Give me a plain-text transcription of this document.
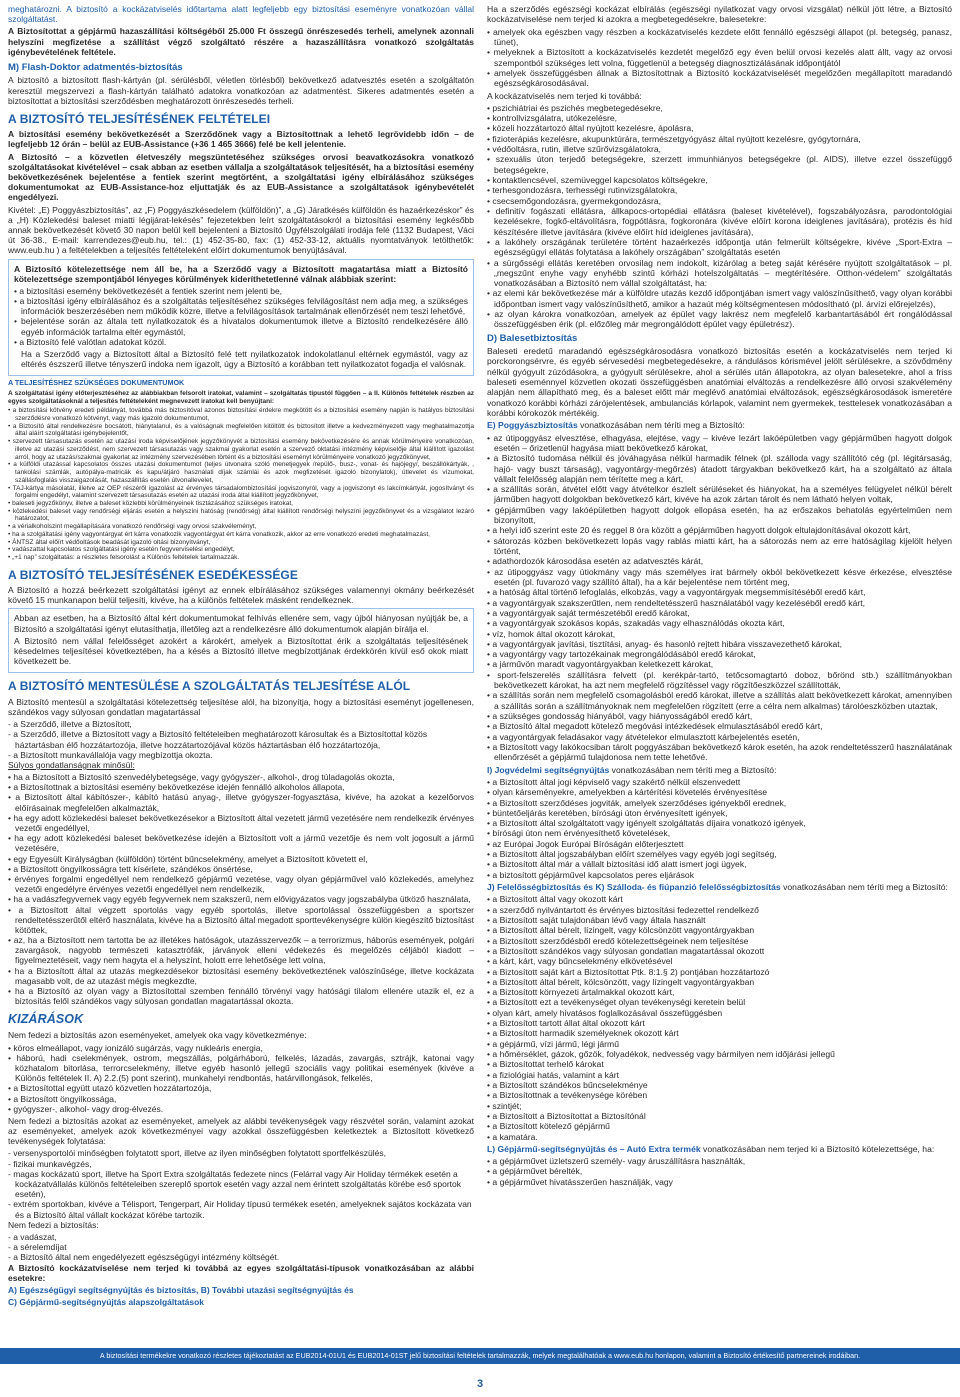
meghatározni. A biztosító a kockázatviselés időtartama alatt legfeljebb egy biztosítási eseményre vonatkozóan vállal szolgáltatást.

A Biztosítottat a gépjármű hazaszállítási költségéből 25.000 Ft összegű önrészesedés terheli, amelynek azonnali helyszíni megfizetése a szállítást végző szolgáltató részére a hazaszállításra vonatkozó szolgáltatás igénybevételének feltétele.

M) Flash-Doktor adatmentés-biztosítás

A biztosító a biztosított flash-kártyán (pl. sérülésből, véletlen törlésből) bekövetkező adatvesztés esetén a szolgáltatón keresztül megszervezi a flash-kártyán található adatokra vonatkozóan az adatmentést. Sikeres adatmentés esetén a biztosítottat a biztosítási szerződésben meghatározott önrészesedés terheli.

A BIZTOSÍTÓ TELJESÍTÉSÉNEK FELTÉTELEI

A biztosítási esemény bekövetkezését a Szerződőnek vagy a Biztosítottnak a lehető legrövidebb időn – de legfeljebb 12 órán – belül az EUB-Assistance (+36 1 465 3666) felé be kell jelentenie.

A Biztosító – a közvetlen életveszély megszüntetéséhez szükséges orvosi beavatkozásokra vonatkozó szolgáltatásokat kivételével – csak abban az esetben vállalja a szolgáltatások teljesítését, ha a biztosítási esemény bekövetkezésének bejelentése a fentiek szerint megtörtént, a szolgáltatási igény elbírálásához szükséges dokumentumokat az EUB-Assistance-hoz eljuttatják és az EUB-Assistance a szolgáltatások igénybevételét engedélyezi.

Kivétel: „E) Poggyászbiztosítás”, az „F) Poggyászkésedelem (külföldön)”, a „G) Járatkésés külföldön és hazaérkezéskor” és a „H) Közlekedési baleset miatti légijárat-lekésés” fejezetekben leírt szolgáltatásokról a biztosítási esemény legkésőbb annak bekövetkezését követő 30 napon belül kell bejelenteni a Biztosító Ügyfélszolgálati irodája felé (1132 Budapest, Váci út 36-38., E-mail: karrendezes@eub.hu, tel.: (1) 452-35-80, fax: (1) 452-33-12, aktuális nyomtatványok letölthetők: www.eub.hu ) a feltételekben a teljesítés feltételeként előírt dokumentumok benyújtásával.

A Biztosító kötelezettsége nem áll be, ha a Szerződő vagy a Biztosított magatartása miatt a Biztosító kötelezettsége szempontjából lényeges körülmények kideríthetetlenné válnak alábbiak szerint:

• a biztosítási esemény bekövetkezését a fentiek szerint nem jelenti be,
• a biztosítási igény elbírálásához és a szolgáltatás teljesítéséhez szükséges felvilágosítást nem adja meg, a szükséges információk beszerzésében nem működik közre, illetve a felvilágosítások tartalmának ellenőrzését nem teszi lehetővé,
• bejelentése során az általa tett nyilatkozatok és a hivatalos dokumentumok illetve a Biztosító rendelkezésére álló egyéb információk tartalma eltér egymástól,
• a Biztosító felé valótlan adatokat közöl.

Ha a Szerződő vagy a Biztosított által a Biztosító felé tett nyilatkozatok indokolatlanul eltérnek egymástól, vagy az eltérés észszerű illetve tényszerű indoka nem igazolt, úgy a Biztosító a korábban tett nyilatkozatot fogadja el valósnak.

A TELJESÍTÉSHEZ SZÜKSÉGES DOKUMENTUMOK

A szolgáltatási igény előterjesztéséhez az alábbiakban felsorolt iratokat, valamint – szolgáltatás típustól függően – a II. Különös feltételek részben az egyes szolgáltatásoknál a teljesítés feltételeként megnevezett iratokat kell benyújtani:

• a biztosítási kötvény eredeti példányát, továbbá más biztosítóval azonos biztosítási érdekre megkötött és a biztosítási esemény napján is hatályos biztosítási szerződésre vonatkozó kötvényt, vagy más igazoló dokumentumot,
• a Biztosító által rendelkezésre bocsátott, hiánytalanul, és a valóságnak megfelelően kitöltött és biztosított illetve a kedvezményezett vagy meghatalmazottja által aláírt szolgáltatási igénybejelentőt,
• szervezett társasutazás esetén az utazási iroda képviselőjének jegyzőkönyvét a biztosítási esemény bekövetkezésére és annak körülményeire vonatkozóan, illetve az utazási szerződést, nem szervezett társasutazás vagy szakmai gyakorlat esetén a szervező oktatási intézmény képviselője által kiállított igazolást arról, hogy az utazás/szakmai gyakorlat az intézmény szervezésében történt és a biztosítási eseményt körülményeire vonatkozó jegyzőkönyvet,
• a külföldi utazással kapcsolatos összes utazási dokumentumot (teljes útvonalra szóló menetjegyek /repülő-, busz-, vonat- és hajójegy/, beszállókártyák, , tankolási számlák, autópálya-matricák és kapu/átjáró használati díjak számlái és azok megfizetését igazoló bizonylatok), útlevelet és vízumokat, szállásfoglalás visszaigazolását, hazaszállítás esetén útvonallevelet,
• TAJ-kártya másolatát, illetve az OEP részéről igazolást az érvényes társadalombiztosítási jogviszonyról, vagy a jogviszonyt és lakcímkártyát, jogosítványt és forgalmi engedélyt, valamint szervezett társasutazás esetén az utazási iroda által kiállított jegyzőkönyvet,
• baleseti jegyzőkönyv, illetve a baleset közlebbi körülményeinek tisztázásához szükséges iratokat,
• közlekedési baleset vagy rendőrségi eljárás esetén a helyszíni hatóság (rendőrség) által kiállított rendőrségi helyszíni jegyzőkönyvet és a vizsgálatot lezáró határozatot,
• a vérialkoholszint megállapítására vonatkozó rendőrségi vagy orvosi szakvéleményt,
• ha a szolgáltatási igény vagyontárgyat ért kárra vonatkozik vagyontárgyat ért kárra vonatkozik, akkor az erre vonatkozó eredeti meghatalmazást,
• ÁNTSZ által előírt védőoltások beadását igazoló oltási bizonyítványt,
• vadászattal kapcsolatos szolgáltatási igény esetén fegyverviselési engedélyt,
• „+1 nap” szolgáltatás: a részletes felsorolást a Különös feltételek tartalmazzák.
A BIZTOSÍTÓ TELJESÍTÉSÉNEK ESEDÉKESSÉGE

A Biztosító a hozzá beérkezett szolgáltatási igényt az ennek elbírálásához szükséges valamennyi okmány beérkezését követő 15 munkanapon belül teljesíti, kivéve, ha a különös feltételek másként rendelkeznek.

Abban az esetben, ha a Biztosító által kért dokumentumokat felhívás ellenére sem, vagy újból hiányosan nyújtják be, a Biztosító a szolgáltatási igényt elutasíthatja, illetőleg azt a rendelkezésre álló dokumentumok alapján bírálja el.

A Biztosító nem vállal felelősséget azokért a károkért, amelyek a Biztosítottat érik a szolgáltatás teljesítésének késedelmes teljesítései következtében, ha a késés a Biztosító illetve megbízottjának érdekkörén kívül eső okok miatt következett be.

A BIZTOSÍTÓ MENTESÜLÉSE A SZOLGÁLTATÁS TELJESÍTÉSE ALÓL

A Biztosító mentesül a szolgáltatási kötelezettség teljesítése alól, ha bizonyítja, hogy a biztosítási eseményt jogellenesen, szándékos vagy súlyosan gondatlan magatartással

- a Szerződő, illetve a Biztosított,
- a Szerződő, illetve a Biztosított vagy a Biztosító feltételeiben meghatározott károsultak és a Biztosítottal közös háztartásban élő hozzátartozója, illetve hozzátartozójával közös háztartásban élő hozzátartozója,
- a Biztosított munkavállalója vagy megbízottja okozta.

Súlyos gondatlanságnak minősül:

• ha a Biztosított a Biztosító szenvedélybetegsége, vagy gyógyszer-, alkohol-, drog túladagolás okozta,
• a Biztosítottnak a biztosítási esemény bekövetkezése idején fennálló alkoholos állapota,
• a Biztosított által kábítószer-, kábító hatású anyag-, illetve gyógyszer-fogyasztása, kivéve, ha azokat a kezelőorvos előírásainak megfelelően alkalmazták,
• ha egy adott közlekedési baleset bekövetkezésekor a Biztosított által vezetett jármű vezetésére nem rendelkezik érvényes vezetői engedéllyel,
• ha egy adott közlekedési baleset bekövetkezése idején a Biztosított volt a jármű vezetője és nem volt jogosult a jármű vezetésére,
• egy Egyesült Királyságban (külföldön) történt bűncselekmény, amelyet a Biztosított követett el,
• a Biztosított öngyilkosságra tett kísérlete, szándékos önsértése,
• érvényes forgalmi engedéllyel nem rendelkező gépjármű vezetése, vagy olyan gépjárművel való közlekedés, amelyhez vezetői engedélyre érvényes vezetői engedéllyel nem rendelkezik,
• ha a vadászfegyvernek vagy egyéb fegyvernek nem szakszerű, nem elővigyázatos vagy jogszabályba ütköző használata,
• a Biztosított által végzett sportolás vagy egyéb sportolás, illetve sportolással összefüggésben a sportszer rendeltetésszerűtől eltérő használata, kivéve ha a Biztosító által megadott sporttevékenységre külön kiegészítő biztosítást kötöttek,
• az, ha a Biztosított nem tartotta be az illetékes hatóságok, utazásszervezők – a terrorizmus, háborús események, polgári zavargások, nagyobb természeti katasztrófák, járványok elleni védekezés és megelőzés céljából kiadott – figyelmeztetéseit, vagy nem hagyta el a helyszínt, holott erre lehetősége lett volna,
• ha a Biztosított által az utazás megkezdésekor biztosítási esemény bekövetkeztének valószínűsége, illetve kockázata magasabb volt, de az utazást mégis megkezdte,
• ha a Biztosító az olyan vagy a Biztosítottal szemben fennálló törvényi vagy hatósági tilalom ellenére utazik el, ez a biztosítás felől szándékos vagy súlyosan gondatlan magatartással okozta.
KIZÁRÁSOK

Nem fedezi a biztosítás azon eseményeket, amelyek oka vagy következménye:

• köros elmeállapot, vagy ionizáló sugárzás, vagy nukleáris energia,
• háború, hadi cselekmények, ostrom, megszállás, polgárháború, felkelés, lázadás, zavargás, sztrájk, katonai vagy közhatalom bitorlása, terrorcselekmény, illetve egyéb hasonló jellegű szociális vagy politikai események (kivéve a Különös feltételek II. A) 2.2.(5) pont szerint), munkahelyi rendbontás, határvillongások, felkelés,
• a Biztosítottal együtt utazó közvetlen hozzátartozója,
• a Biztosított öngyilkossága,
• gyógyszer-, alkohol- vagy drog-élvezés.

Nem fedezi a biztosítás azokat az eseményeket, amelyek az alábbi tevékenységek vagy részvétel során, valamint azokat az eseményeket, amelyek azok következményei vagy azokkal összefüggésben keletkeztek a Biztosított következő tevékenységek folytatása:

- versenysportolói minőségben folytatott sport, illetve az ilyen minőségben folytatott sportfelkészülés,
- fizikai munkavégzés,
- magas kockázatú sport, illetve ha Sport Extra szolgáltatás fedezete nincs (Felárral vagy Air Holiday térmékek esetén a kockázatvállalás különös feltételeiben szereplő sportok esetén vagy azzal nem érintett szolgáltatás körébe eső sportok esetén),
- extrém sportokban, kivéve a Télisport, Tengerpart, Air Holiday típusú termékek esetén, amelyeknek sajátos kockázata van és a Biztosító által vállalt kockázat körébe tartozik.

Nem fedezi a biztosítás:

- a vadászat,
- a sérelemdíjat
- a Biztosító által nem engedélyezett egészségügyi intézmény költségét.

A Biztosító kockázatviselése nem terjed ki továbbá az egyes szolgáltatási-típusok vonatkozásában az alábbi esetekre:

A) Egészségügyi segítségnyújtás és biztosítás, B) További utazási segítségnyújtás és

C) Gépjármű-segítségnyújtás alapszolgáltatások

Ha a szerződés egészségi kockázat elbírálás (egészségi nyilatkozat vagy orvosi vizsgálat) nélkül jött létre, a Biztosító kockázatviselése nem terjed ki azokra a megbetegedésekre, balesetekre:

• amelyek oka egészben vagy részben a kockázatviselés kezdete előtt fennálló egészségi állapot (pl. betegség, panasz, tünet),
• melyeknek a Biztosított a kockázatviselés kezdetét megelőző egy éven belül orvosi kezelés alatt állt, vagy az orvosi szempontból szükséges lett volna, függetlenül a betegség diagnosztizálásának időpontjától
• amelyek összefüggésben állnak a Biztosítottnak a Biztosító kockázatviselését megelőzően megállapított maradandó egészségkárosodásával.

A kockázatviselés nem terjed ki továbbá:

• pszichiátriai és pszichés megbetegedésekre,
• kontrollvizsgálatra, utókezelésre,
• közeli hozzátartozó által nyújtott kezelésre, ápolásra,
• fizioterápiás kezelésre, akupunktúrára, természetgyógyász által nyújtott kezelésre, gyógytornára,
• védőoltásra, rutin, illetve szűrővizsgálatokra,
• szexuális úton terjedő betegségekre, szerzett immunhiányos betegségekre (pl. AIDS), illetve ezzel összefüggő betegségekre,
• kontaktlencsével, szemüveggel kapcsolatos költségekre,
• terhesgondozásra, terhességi rutinvizsgálatokra,
• csecsemőgondozásra, gyermekgondozásra,
• definitív fogászati ellátásra, állkapocs-ortopédiai ellátásra (baleset kivételével), fogszabályozásra, parodontológiai kezelésekre, fogkő-eltávolításra, fogpótlásra, fogkoronára (kivéve előírt korona ideiglenes javítására), protézis és híd készítésére illetve javítására (kivéve előírt híd ideiglenes javítására),
• a lakóhely országának területére történt hazaérkezés időpontja után felmerült költségekre, kivéve „Sport-Extra – egészségügyi ellátás folytatása a lakóhely országában” szolgáltatás esetén
• a sürgősségi ellátás keretében orvosilag nem indokolt, kizárólag a beteg saját kérésére nyújtott szolgáltatások – pl. „megszűnt enyhe vagy enyhébb szintű kórházi hotelszolgáltatás – megtérítésére. Otthon-védelem” szolgáltatás vonatkozásában a Biztosító nem vállal szolgáltatást, ha:
• az elemi kár bekövetkezése már a külföldre utazás kezdő időpontjában ismert vagy valószínűsíthető, vagy olyan korábbi időpontban ismert vagy valószínűsíthető, amikor a hazaút még költségmentesen módosítható (pl. árvízi előrejelzés),
• az olyan károkra vonatkozóan, amelyek az épület vagy lakrész nem megfelelő karbantartásából ért rongálódással összefüggésben érik (pl. előzőleg már megrongálódott épület vagy épületrész).
D) Balesetbiztosítás

Baleseti eredetű maradandó egészségkárosodásra vonatkozó biztosítás esetén a kockázatviselés nem terjed ki porckorongsérvre, és egyéb sérvesedési megbetegedésekre, a rándulásos kórismével jelölt sérülésekre, a szövődmény nélkül gyógyult zúzódásokra, a gyógyult sérülésekre, ahol a sérülés után állapotokra, az olyan balesetekre, ahol a friss baleseti eseménnyel közvetlen okozati összefüggésben anatómiai elváltozás a rendelkezésre álló orvosi szakvélemény alapján nem állapítható meg, és a baleset előtt már meglévő anatómiai elváltozások, egészségkárosodások ismeretére vonatkozó korábbi kórházi zárójelentések, ambulanciás kórlapok, valamint nem gyermekek, testtelesek vonatkozásában a korábbi kórokozók mértékéig.

E) Poggyászbiztosítás vonatkozásában nem téríti meg a Biztosító:

• az útipoggyász elvesztése, elhagyása, elejtése, vagy – kivéve lezárt lakóépületben vagy gépjárműben hagyott dolgok esetén – őrizetlenül hagyása miatt bekövetkező károkat,
• a Biztosító tudomása nélkül és jóváhagyása nélkül harmadik félnek (pl. szálloda vagy szállítótó cég (pl. légitársaság, hajó- vagy buszt társaság), vagyontárgy-megőrzés) átadott tárgyakban bekövetkező kárt, ha a szolgáltató az általa vállalt felelősség alapján nem térítette meg a kárt,
• a szállítás során, átvétel előtt vagy átvételkor észlelt sérüléseket és hiányokat, ha a személyes felügyelet nélkül bérelt járműben hagyott dolgokban bekövetkező kárt, kivéve ha azok zártan tárolt és nem látható helyen voltak,
• gépjárműben vagy lakóépületben hagyott dolgok ellopása esetén, ha az erőszakos behatolás egyértelműen nem bizonyított,
• a helyi idő szerint este 20 és reggel 8 óra között a gépjárműben hagyott dolgok eltulajdonításával okozott kárt,
• sátorozás közben bekövetkezett lopás vagy rablás miatti kárt, ha a sátorozás nem az erre hatóságilag kijelölt helyen történt,
• adathordozók károsodása esetén az adatvesztés kárát,
• az útipoggyász vagy útiokmány vagy más személyes irat bármely okból bekövetkezett késve érkezése, elvesztése esetén (pl. fuvarozó vagy szállító által), ha a kár bejelentése nem történt meg,
• a hatóság által történő lefoglalás, elkobzás, vagy a vagyontárgyak megsemmisítéséből eredő kárt,
• a vagyontárgyak szakszerűtlen, nem rendeltetésszerű használatából vagy kezeléséből eredő kárt,
• a vagyontárgyak saját természetéből eredő károkat,
• a vagyontárgyak szokásos kopás, szakadás vagy elhasználódás okozta kárt,
• víz, homok által okozott károkat,
• a vagyontárgyak javítási, tisztítási, anyag- és hasonló rejtett hibára visszavezethető károkat,
• a vagyontárgy vagy tartozékainak megrongálódásából eredő károkat,
• a járművön maradt vagyontárgyakban keletkezett károkat,
• sport-felszerelés szállításra felvett (pl. kerékpár-tartó, tetőcsomagtartó doboz, bőrönd stb.) szállítmányokban bekövetkezett károkat, ha azt nem megfelelő rögzítéssel vagy rögzítőeszközzel szállították,
• a szállítás során nem megfelelő csomagolásból eredő károkat, illetve a szállítás alatt bekövetkezett károkat, amennyiben a szállítás során a szállítmányoknak nem megfelelően rögzített (erre a célra nem alkalmas) tárolóeszközben utaztak,
• a szükséges gondosság hiányából, vagy hiányosságából eredő kárt,
• a Biztosító által megadott kötelező megóvási intézkedések elmulasztásából eredő kárt,
• a vagyontárgyak feladásakor vagy átvételekor elmulasztott kárbejelentés esetén,
• a Biztosított vagy lakókocsiban tárolt poggyászában bekövetkező károk esetén, ha azok rendeltetésszerű használatának ellenőrzését a gépjármű tulajdonosa nem tette lehetővé.

I) Jogvédelmi segítségnyújtás vonatkozásában nem téríti meg a Biztosító:

• a Biztosított által jogi képviselő vagy szakértő nélkül elszenvedett
• olyan kárseményekre, amelyekben a kártérítési követelés érvényesítése
• a Biztosított szerződéses jogviták, amelyek szerződéses igényekből erednek,
• büntetőeljárás keretében, bírósági úton érvényesített igények,
• a Biztosított által szolgáltatott vagy igényelt szolgáltatás díjaira vonatkozó igények,
• bírósági úton nem érvényesíthető követelések,
• az Európai Jogok Európai Bíróságán előterjesztett
• a Biztosított által jogszabályban előírt személyes vagy egyéb jogi segítség,
• a Biztosított által már a vállalt biztosítási idő alatt ismert jogi ügyek,
• a biztosított gépjárművel kapcsolatos peres eljárások

J) Felelősségbiztosítás és K) Szálloda- és fiúpanzió felelősségbiztosítás vonatkozásában nem téríti meg a Biztosító:

• a Biztosított által vagy okozott kárt
• a szerződő nyilvántartott és érvényes biztosítási fedezettel rendelkező
• a Biztosított saját tulajdonában lévő vagy általa használt
• a Biztosított által bérelt, lízingelt, vagy kölcsönzött vagyontárgyakban
• a Biztosított szerződésből eredő kötelezettségeinek nem teljesítése
• a Biztosított szándékos vagy súlyosan gondatlan magatartással okozott
• a kárt, kárt, vagy bűncselekmény elkövetésével
• a Biztosított saját kárt a Biztosítottat Ptk. 8:1.§ 2) pontjában hozzátartozó
• a Biztosított által bérelt, kölcsönzött, vagy lízingelt vagyontárgyakban
• a Biztosított környezeti ártalmakkal okozott kárt,
• a Biztosított ezt a tevékenységet olyan tevékenységi keretein belül
• olyan kárt, amely hivatásos foglalkozásával összefüggésben
• a Biztosított tartott állat által okozott kárt
• a Biztosított harmadik személyeknek okozott kárt
• a gépjármű, vízi jármű, légi jármű
• a hőmérséklet, gázok, gőzök, folyadékok, nedvesség vagy bármilyen nem időjárási jellegű
• a Biztosítottat terhelő károkat
• a fiziológiai hatás, valamint a kárt
• a Biztosított szándékos bűncselekménye
• a Biztosítottnak a tevékenysége körében
• szintjét;
• a Biztosított a Biztosítottat a Biztosítónál
• a Biztosított kötelező gépjármű
• a kamatára.

L) Gépjármű-segítségnyújtás és – Autó Extra termék vonatkozásában nem terjed ki a Biztosító kötelezettsége, ha:

• a gépjárművet üzletszerű személy- vagy áruszállításra használták,
• a gépjárművet bérelték,
• a gépjárművet hivatásszerűen használják, vagy
A biztosítási termékekre vonatkozó részletes tájékoztatást az EUB2014-01U1 és EUB2014-01ST jelű biztosítási feltételek tartalmazzák, melyek megtalálhatóak a www.eub.hu honlapon, valamint a Biztosító értékesítő partnereinek irodáiban.
3
